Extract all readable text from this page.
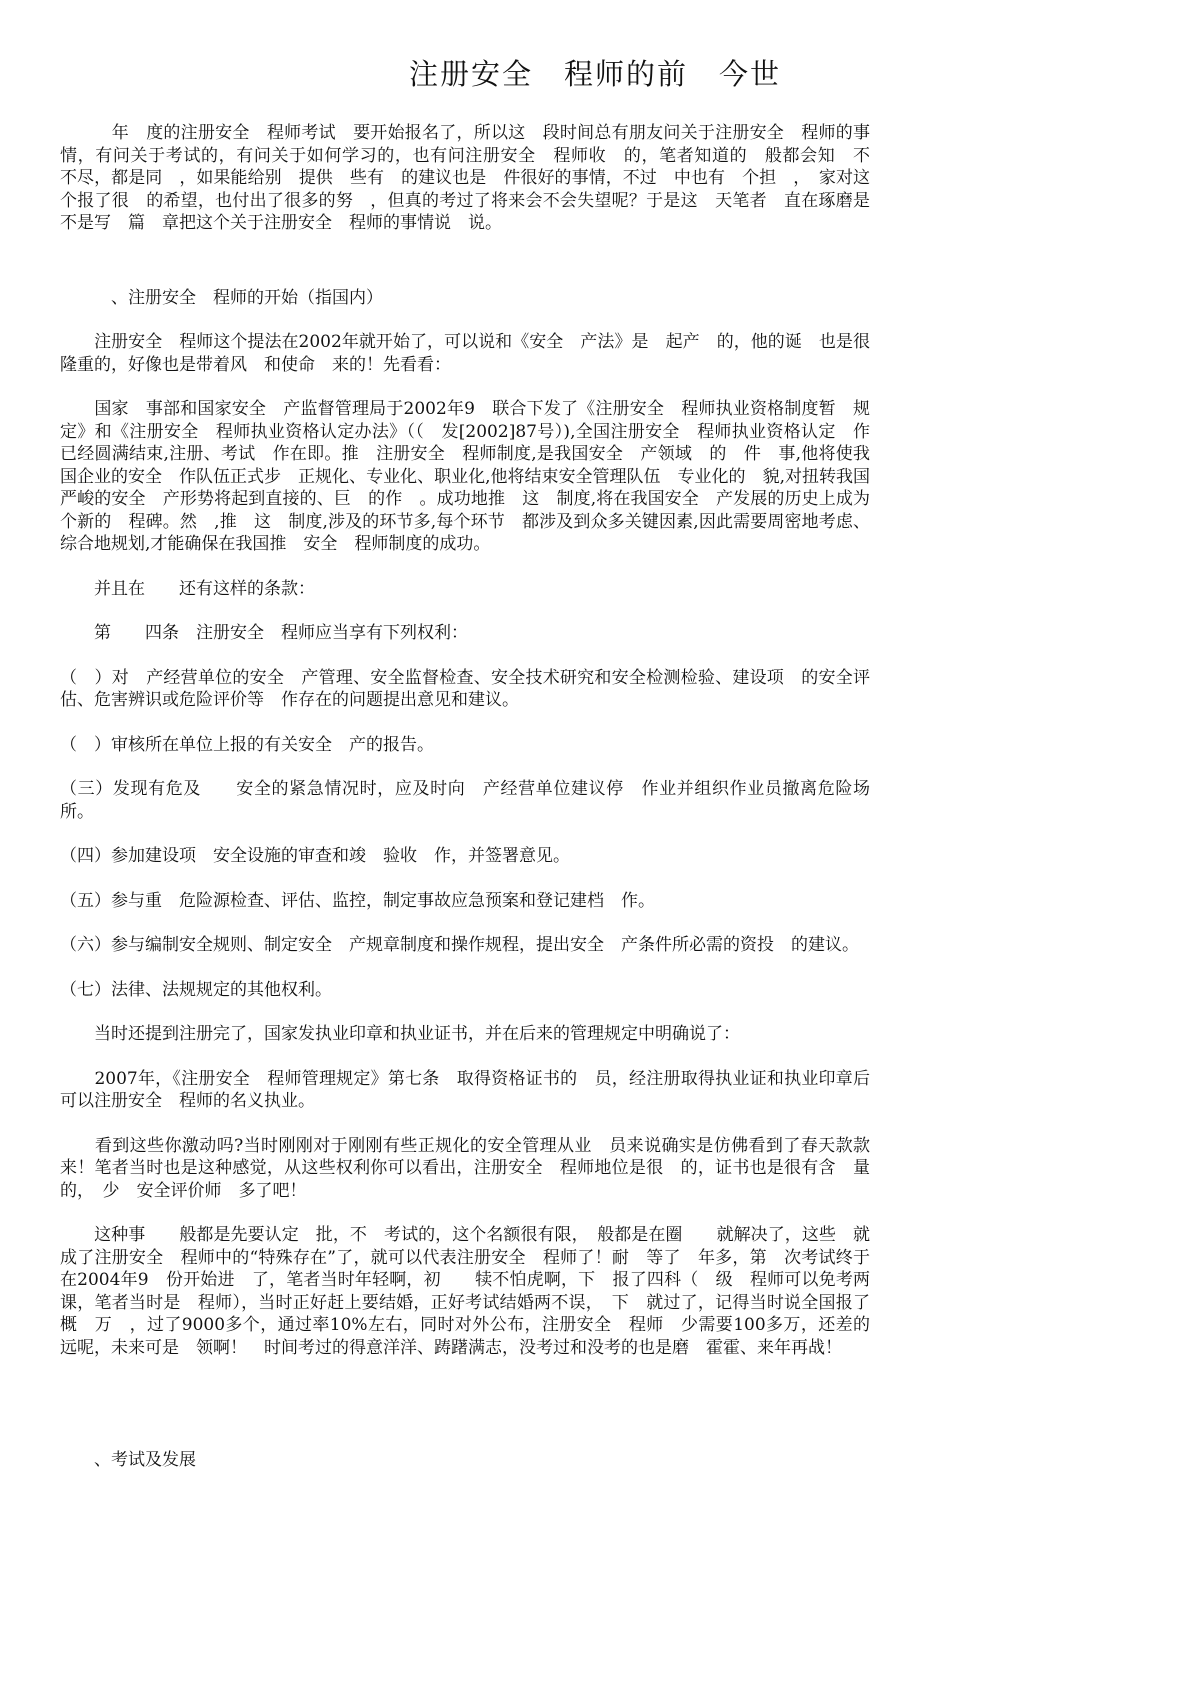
注册安全　程师的前　今世

　　　年　度的注册安全　程师考试　要开始报名了，所以这　段时间总有朋友问关于注册安全　程师的事情，有问关于考试的，有问关于如何学习的，也有问注册安全　程师收　的，笔者知道的　般都会知　不　　　不尽，都是同　，如果能给别　提供　些有　的建议也是　件很好的事情，不过　中也有　个担　，　家对这个报了很　的希望，也付出了很多的努　，但真的考过了将来会不会失望呢？于是这　天笔者　直在琢磨是不是写　篇　章把这个关于注册安全　程师的事情说　说。

　　　、注册安全　程师的开始（指国内）

　　注册安全　程师这个提法在2002年就开始了，可以说和《安全　产法》是　起产　的，他的诞　也是很隆重的，好像也是带着风　和使命　来的！先看看：

　　国家　事部和国家安全　产监督管理局于2002年9　联合下发了《注册安全　程师执业资格制度暂　规定》和《注册安全　程师执业资格认定办法》（（　发[2002]87号）),全国注册安全　程师执业资格认定　作已经圆满结束,注册、考试　作在即。推　注册安全　程师制度,是我国安全　产领域　的　件　事,他将使我国企业的安全　作队伍正式步　正规化、专业化、职业化,他将结束安全管理队伍　专业化的　貌,对扭转我国严峻的安全　产形势将起到直接的、巨　的作　。成功地推　这　制度,将在我国安全　产发展的历史上成为　个新的　程碑。然　,推　这　制度,涉及的环节多,每个环节　都涉及到众多关键因素,因此需要周密地考虑、综合地规划,才能确保在我国推　安全　程师制度的成功。

　　并且在　　还有这样的条款：

　　第　　四条　注册安全　程师应当享有下列权利：

（　）对　产经营单位的安全　产管理、安全监督检查、安全技术研究和安全检测检验、建设项　的安全评估、危害辨识或危险评价等　作存在的问题提出意见和建议。

（　）审核所在单位上报的有关安全　产的报告。

（三）发现有危及　　安全的紧急情况时，应及时向　产经营单位建议停　作业并组织作业员撤离危险场所。

（四）参加建设项　安全设施的审查和竣　验收　作，并签署意见。

（五）参与重　危险源检查、评估、监控，制定事故应急预案和登记建档　作。

（六）参与编制安全规则、制定安全　产规章制度和操作规程，提出安全　产条件所必需的资投　的建议。

（七）法律、法规规定的其他权利。

　　当时还提到注册完了，国家发执业印章和执业证书，并在后来的管理规定中明确说了：

　　2007年，《注册安全　程师管理规定》第七条　取得资格证书的　员，经注册取得执业证和执业印章后　可以注册安全　程师的名义执业。

　　看到这些你激动吗?当时刚刚对于刚刚有些正规化的安全管理从业　员来说确实是仿佛看到了春天款款　来！笔者当时也是这种感觉，从这些权利你可以看出，注册安全　程师地位是很　的，证书也是很有含　量的，　少　安全评价师　多了吧！

　　这种事　　般都是先要认定　批，不　考试的，这个名额很有限，　般都是在圈　　就解决了，这些　就成了注册安全　程师中的“特殊存在”了，就可以代表注册安全　程师了！耐　等了　年多，第　次考试终于在2004年9　份开始进　了，笔者当时年轻啊，初　　犊不怕虎啊，下　报了四科（　级　程师可以免考两课，笔者当时是　程师），当时正好赶上要结婚，正好考试结婚两不误，　下　就过了，记得当时说全国报了　概　万　，过了9000多个，通过率10%左右，同时对外公布，注册安全　程师　少需要100多万，还差的远呢，未来可是　领啊！　时间考过的得意洋洋、踌躇满志，没考过和没考的也是磨　霍霍、来年再战！

　　、考试及发展
